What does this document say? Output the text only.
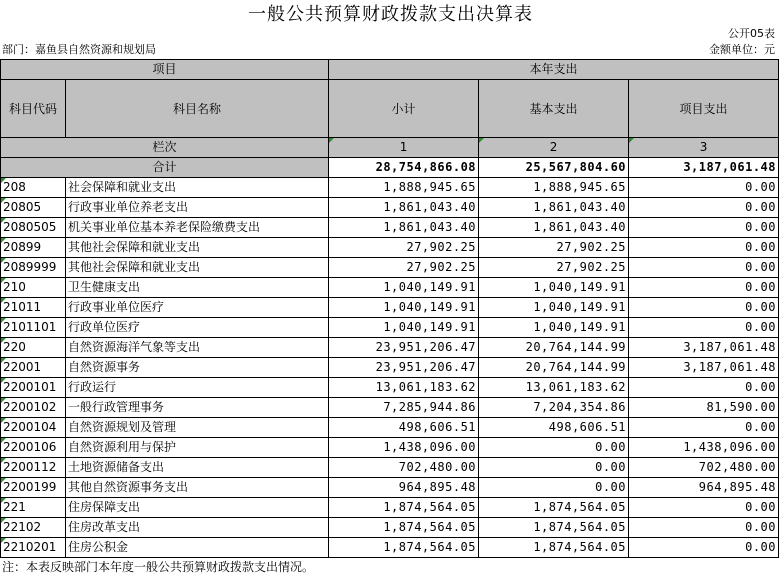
一般公共预算财政拨款支出决算表
公开05表
部门：嘉鱼县自然资源和规划局	金额单位：元
项目		本年支出		
科目代码	科目名称	小计	基本支出	项目支出
栏次		1	2	3
合计		28,754,866.08	25,567,804.60	3,187,061.48
208	社会保障和就业支出	1,888,945.65	1,888,945.65	0.00
20805	行政事业单位养老支出	1,861,043.40	1,861,043.40	0.00
2080505	机关事业单位基本养老保险缴费支出	1,861,043.40	1,861,043.40	0.00
20899	其他社会保障和就业支出	27,902.25	27,902.25	0.00
2089999	其他社会保障和就业支出	27,902.25	27,902.25	0.00
210	卫生健康支出	1,040,149.91	1,040,149.91	0.00
21011	行政事业单位医疗	1,040,149.91	1,040,149.91	0.00
2101101	行政单位医疗	1,040,149.91	1,040,149.91	0.00
220	自然资源海洋气象等支出	23,951,206.47	20,764,144.99	3,187,061.48
22001	自然资源事务	23,951,206.47	20,764,144.99	3,187,061.48
2200101	行政运行	13,061,183.62	13,061,183.62	0.00
2200102	一般行政管理事务	7,285,944.86	7,204,354.86	81,590.00
2200104	自然资源规划及管理	498,606.51	498,606.51	0.00
2200106	自然资源利用与保护	1,438,096.00	0.00	1,438,096.00
2200112	土地资源储备支出	702,480.00	0.00	702,480.00
2200199	其他自然资源事务支出	964,895.48	0.00	964,895.48
221	住房保障支出	1,874,564.05	1,874,564.05	0.00
22102	住房改革支出	1,874,564.05	1,874,564.05	0.00
2210201	住房公积金	1,874,564.05	1,874,564.05	0.00
注：本表反映部门本年度一般公共预算财政拨款支出情况。
